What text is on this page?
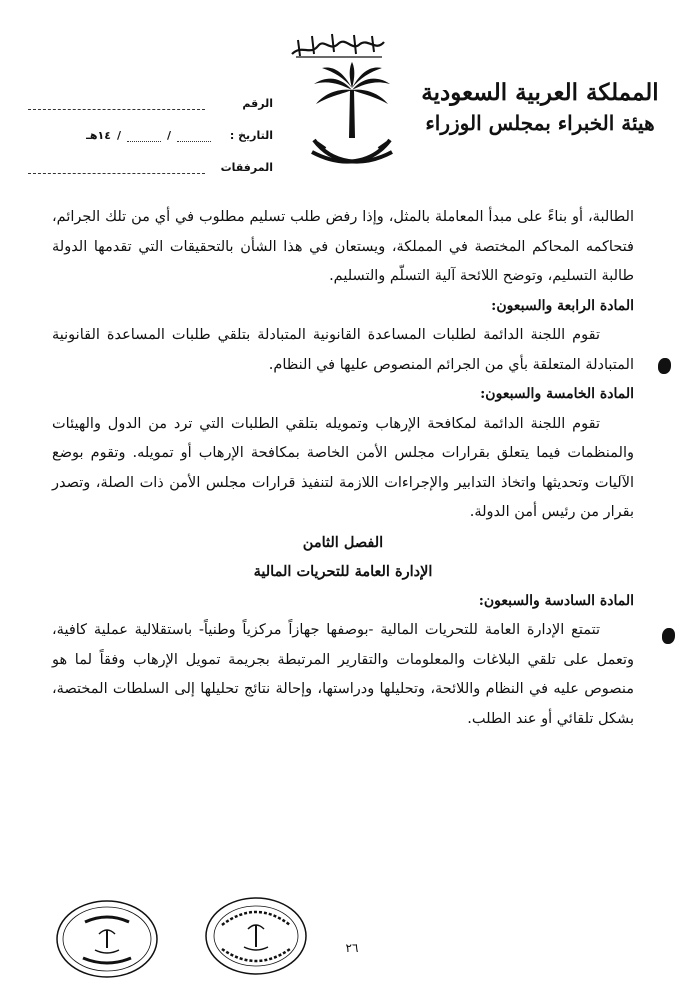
المملكة العربية السعودية
هيئة الخبراء بمجلس الوزراء
الرقم
التاريخ :
/
/
١٤هـ
المرفقات

الطالبة، أو بناءً على مبدأ المعاملة بالمثل، وإذا رفض طلب تسليم مطلوب في أي من تلك الجرائم، فتحاكمه المحاكم المختصة في المملكة، ويستعان في هذا الشأن بالتحقيقات التي تقدمها الدولة طالبة التسليم، وتوضح اللائحة آلية التسلّم والتسليم.

المادة الرابعة والسبعون:

تقوم اللجنة الدائمة لطلبات المساعدة القانونية المتبادلة بتلقي طلبات المساعدة القانونية المتبادلة المتعلقة بأي من الجرائم المنصوص عليها في النظام.

المادة الخامسة والسبعون:

تقوم اللجنة الدائمة لمكافحة الإرهاب وتمويله بتلقي الطلبات التي ترد من الدول والهيئات والمنظمات فيما يتعلق بقرارات مجلس الأمن الخاصة بمكافحة الإرهاب أو تمويله. وتقوم بوضع الآليات وتحديثها واتخاذ التدابير والإجراءات اللازمة لتنفيذ قرارات مجلس الأمن ذات الصلة، وتصدر بقرار من رئيس أمن الدولة.

الفصل الثامن

الإدارة العامة للتحريات المالية

المادة السادسة والسبعون:

تتمتع الإدارة العامة للتحريات المالية -بوصفها جهازاً مركزياً وطنياً- باستقلالية عملية كافية، وتعمل على تلقي البلاغات والمعلومات والتقارير المرتبطة بجريمة تمويل الإرهاب وفقاً لما هو منصوص عليه في النظام واللائحة، وتحليلها ودراستها، وإحالة نتائج تحليلها إلى السلطات المختصة، بشكل تلقائي أو عند الطلب.

٢٦
